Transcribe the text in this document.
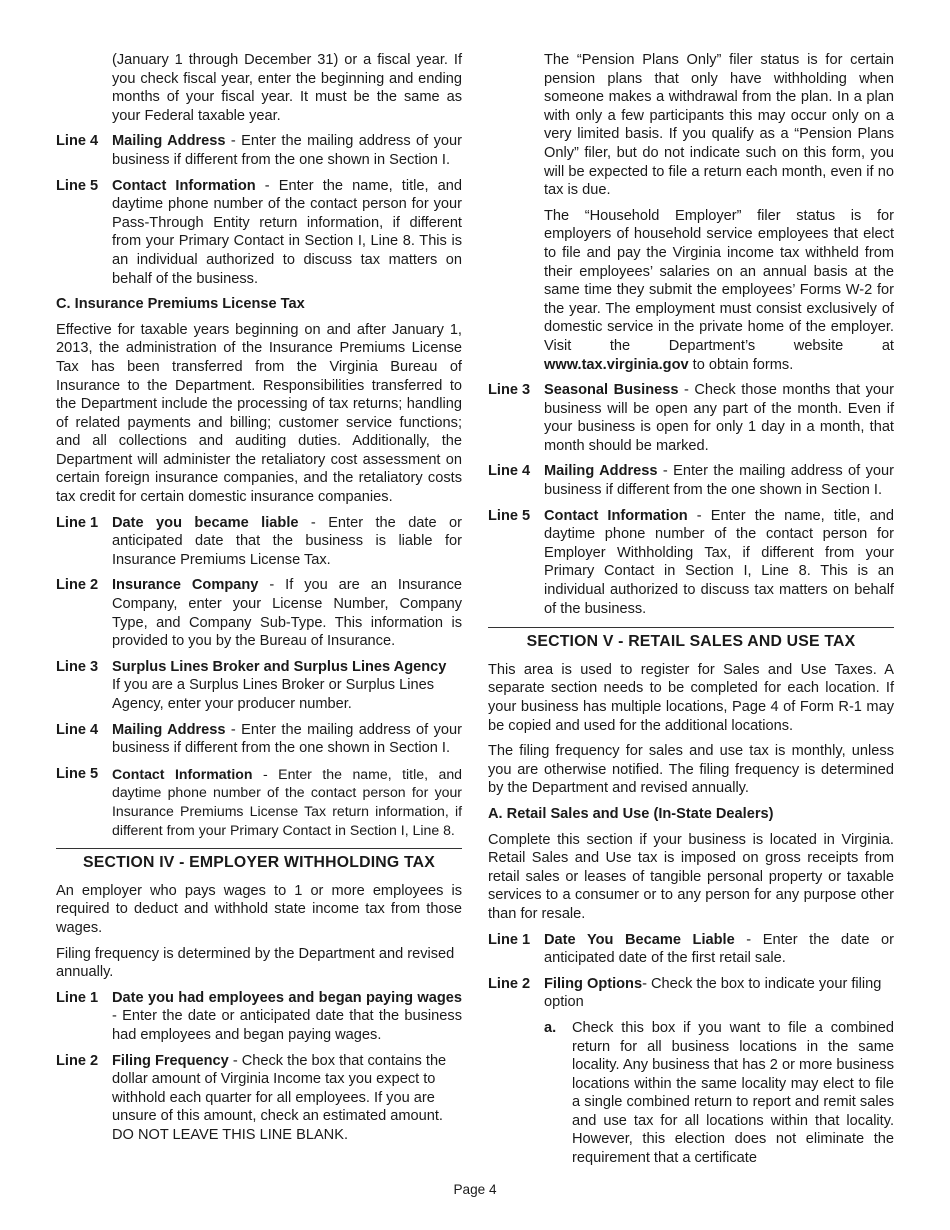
(January 1 through December 31) or a fiscal year. If you check fiscal year, enter the beginning and ending months of your fiscal year. It must be the same as your Federal taxable year.

Line 4 Mailing Address - Enter the mailing address of your business if different from the one shown in Section I.
Line 5 Contact Information - Enter the name, title, and daytime phone number of the contact person for your Pass-Through Entity return information, if different from your Primary Contact in Section I, Line 8. This is an individual authorized to discuss tax matters on behalf of the business.
C. Insurance Premiums License Tax

Effective for taxable years beginning on and after January 1, 2013, the administration of the Insurance Premiums License Tax has been transferred from the Virginia Bureau of Insurance to the Department. Responsibilities transferred to the Department include the processing of tax returns; handling of related payments and billing; customer service functions; and all collections and auditing duties. Additionally, the Department will administer the retaliatory cost assessment on certain foreign insurance companies, and the retaliatory costs tax credit for certain domestic insurance companies.

Line 1 Date you became liable - Enter the date or anticipated date that the business is liable for Insurance Premiums License Tax.
Line 2 Insurance Company - If you are an Insurance Company, enter your License Number, Company Type, and Company Sub-Type. This information is provided to you by the Bureau of Insurance.
Line 3 Surplus Lines Broker and Surplus Lines Agency
If you are a Surplus Lines Broker or Surplus Lines Agency, enter your producer number.
Line 4 Mailing Address - Enter the mailing address of your business if different from the one shown in Section I.
Line 5 Contact Information - Enter the name, title, and daytime phone number of the contact person for your Insurance Premiums License Tax return information, if different from your Primary Contact in Section I, Line 8.
SECTION IV - EMPLOYER WITHHOLDING TAX

An employer who pays wages to 1 or more employees is required to deduct and withhold state income tax from those wages.

Filing frequency is determined by the Department and revised annually.

Line 1 Date you had employees and began paying wages - Enter the date or anticipated date that the business had employees and began paying wages.
Line 2 Filing Frequency - Check the box that contains the dollar amount of Virginia Income tax you expect to withhold each quarter for all employees. If you are unsure of this amount, check an estimated amount. DO NOT LEAVE THIS LINE BLANK.

The “Pension Plans Only” filer status is for certain pension plans that only have withholding when someone makes a withdrawal from the plan. In a plan with only a few participants this may occur only on a very limited basis. If you qualify as a “Pension Plans Only” filer, but do not indicate such on this form, you will be expected to file a return each month, even if no tax is due.

The “Household Employer” filer status is for employers of household service employees that elect to file and pay the Virginia income tax withheld from their employees’ salaries on an annual basis at the same time they submit the employees’ Forms W-2 for the year. The employment must consist exclusively of domestic service in the private home of the employer. Visit the Department’s website at www.tax.virginia.gov to obtain forms.

Line 3 Seasonal Business - Check those months that your business will be open any part of the month. Even if your business is open for only 1 day in a month, that month should be marked.
Line 4 Mailing Address - Enter the mailing address of your business if different from the one shown in Section I.
Line 5 Contact Information - Enter the name, title, and daytime phone number of the contact person for Employer Withholding Tax, if different from your Primary Contact in Section I, Line 8. This is an individual authorized to discuss tax matters on behalf of the business.
SECTION V - RETAIL SALES AND USE TAX

This area is used to register for Sales and Use Taxes. A separate section needs to be completed for each location. If your business has multiple locations, Page 4 of Form R-1 may be copied and used for the additional locations.

The filing frequency for sales and use tax is monthly, unless you are otherwise notified. The filing frequency is determined by the Department and revised annually.

A. Retail Sales and Use (In-State Dealers)

Complete this section if your business is located in Virginia. Retail Sales and Use tax is imposed on gross receipts from retail sales or leases of tangible personal property or taxable services to a consumer or to any person for any purpose other than for resale.

Line 1 Date You Became Liable - Enter the date or anticipated date of the first retail sale.
Line 2 Filing Options- Check the box to indicate your filing option
a.	Check this box if you want to file a combined return for all business locations in the same locality. Any business that has 2 or more business locations within the same locality may elect to file a single combined return to report and remit sales and use tax for all locations within that locality. However, this election does not eliminate the requirement that a certificate
Page 4
